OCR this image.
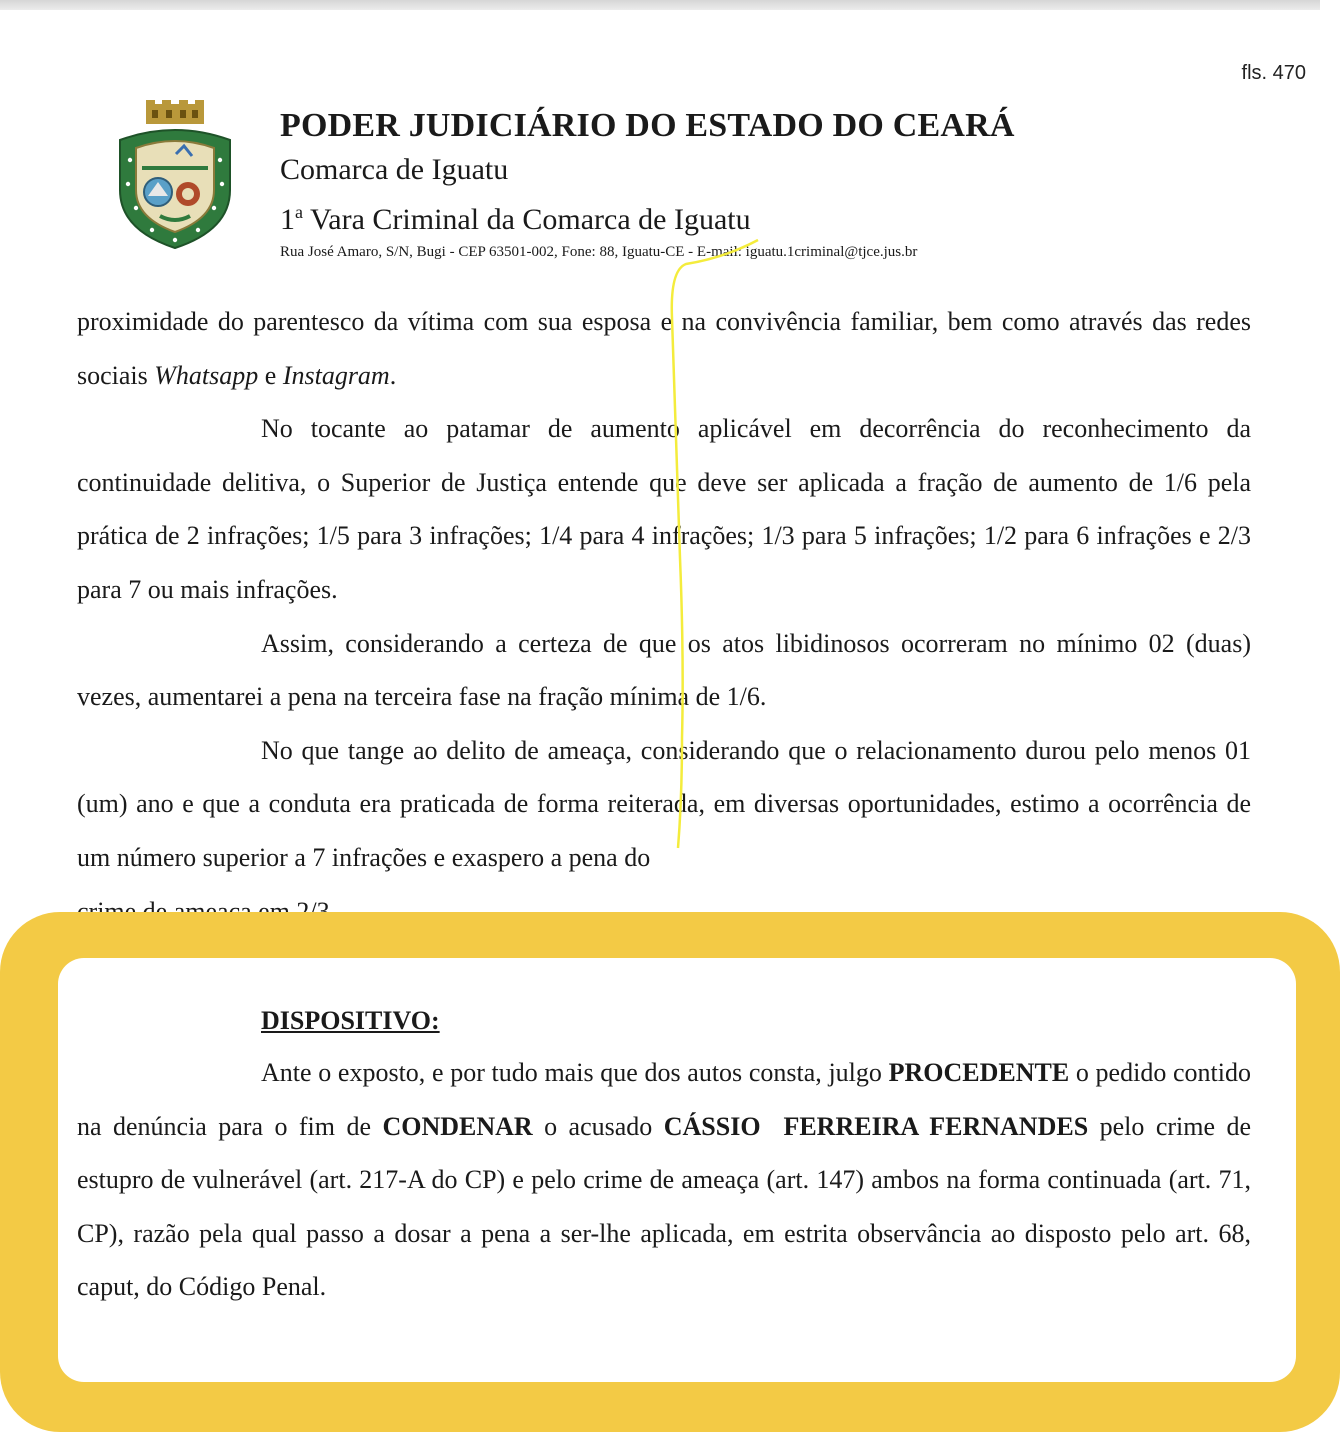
fls. 470
PODER JUDICIÁRIO DO ESTADO DO CEARÁ
Comarca de Iguatu
1$^a$ Vara Criminal da Comarca de Iguatu
Rua José Amaro, S/N, Bugi - CEP 63501-002, Fone: 88, Iguatu-CE - E-mail: iguatu.1criminal@tjce.jus.br

proximidade do parentesco da vítima com sua esposa e na convivência familiar, bem como através das redes sociais Whatsapp e Instagram.

No tocante ao patamar de aumento aplicável em decorrência do reconhecimento da continuidade delitiva, o Superior de Justiça entende que deve ser aplicada a fração de aumento de 1/6 pela prática de 2 infrações; 1/5 para 3 infrações; 1/4 para 4 infrações; 1/3 para 5 infrações; 1/2 para 6 infrações e 2/3 para 7 ou mais infrações.

Assim, considerando a certeza de que os atos libidinosos ocorreram no mínimo 02 (duas) vezes, aumentarei a pena na terceira fase na fração mínima de 1/6.

No que tange ao delito de ameaça, considerando que o relacionamento durou pelo menos 01 (um) ano e que a conduta era praticada de forma reiterada, em diversas oportunidades, estimo a ocorrência de um número superior a 7 infrações e exaspero a pena do

DISPOSITIVO:

Ante o exposto, e por tudo mais que dos autos consta, julgo PROCEDENTE o pedido contido na denúncia para o fim de CONDENAR o acusado CÁSSIO  FERREIRA FERNANDES pelo crime de estupro de vulnerável (art. 217-A do CP) e pelo crime de ameaça (art. 147) ambos na forma continuada (art. 71, CP), razão pela qual passo a dosar a pena a ser-lhe aplicada, em estrita observância ao disposto pelo art. 68, caput, do Código Penal.
